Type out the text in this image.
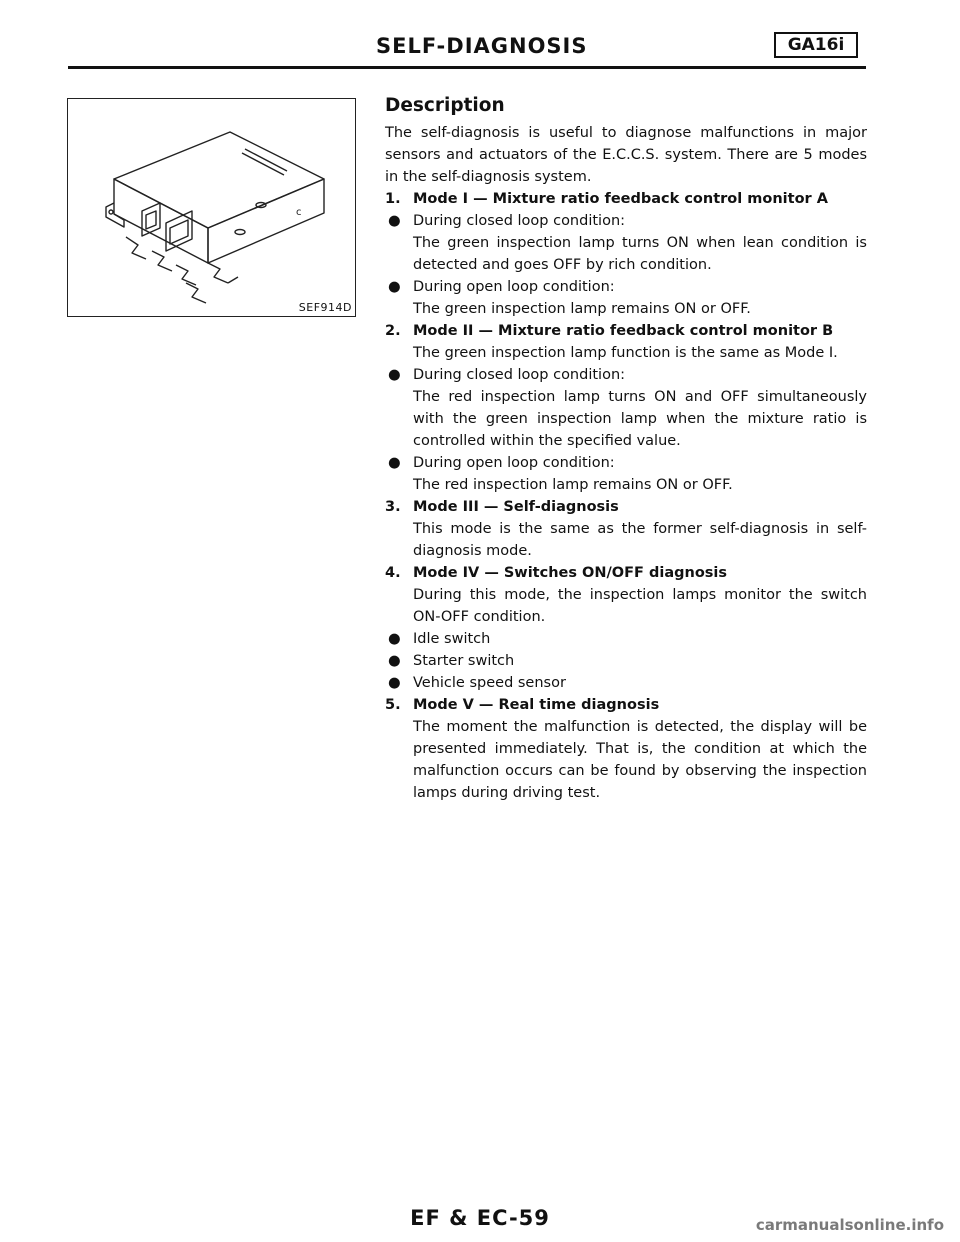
SELF-DIAGNOSIS	GA16i
c
SEF914D
Description

The self-diagnosis is useful to diagnose malfunctions in major sensors and actuators of the E.C.C.S. system. There are 5 modes in the self-diagnosis system.

1. Mode I — Mixture ratio feedback control monitor A
● During closed loop condition:
The green inspection lamp turns ON when lean condition is detected and goes OFF by rich condition.
● During open loop condition:
The green inspection lamp remains ON or OFF.
2. Mode II — Mixture ratio feedback control monitor B
The green inspection lamp function is the same as Mode I.
● During closed loop condition:
The red inspection lamp turns ON and OFF simultaneously with the green inspection lamp when the mixture ratio is controlled within the specified value.
● During open loop condition:
The red inspection lamp remains ON or OFF.
3. Mode III — Self-diagnosis
This mode is the same as the former self-diagnosis in self-diagnosis mode.
4. Mode IV — Switches ON/OFF diagnosis
During this mode, the inspection lamps monitor the switch ON-OFF condition.
● Idle switch
● Starter switch
● Vehicle speed sensor
5. Mode V — Real time diagnosis
The moment the malfunction is detected, the display will be presented immediately. That is, the condition at which the malfunction occurs can be found by observing the inspection lamps during driving test.
EF & EC-59	carmanualsonline.info
